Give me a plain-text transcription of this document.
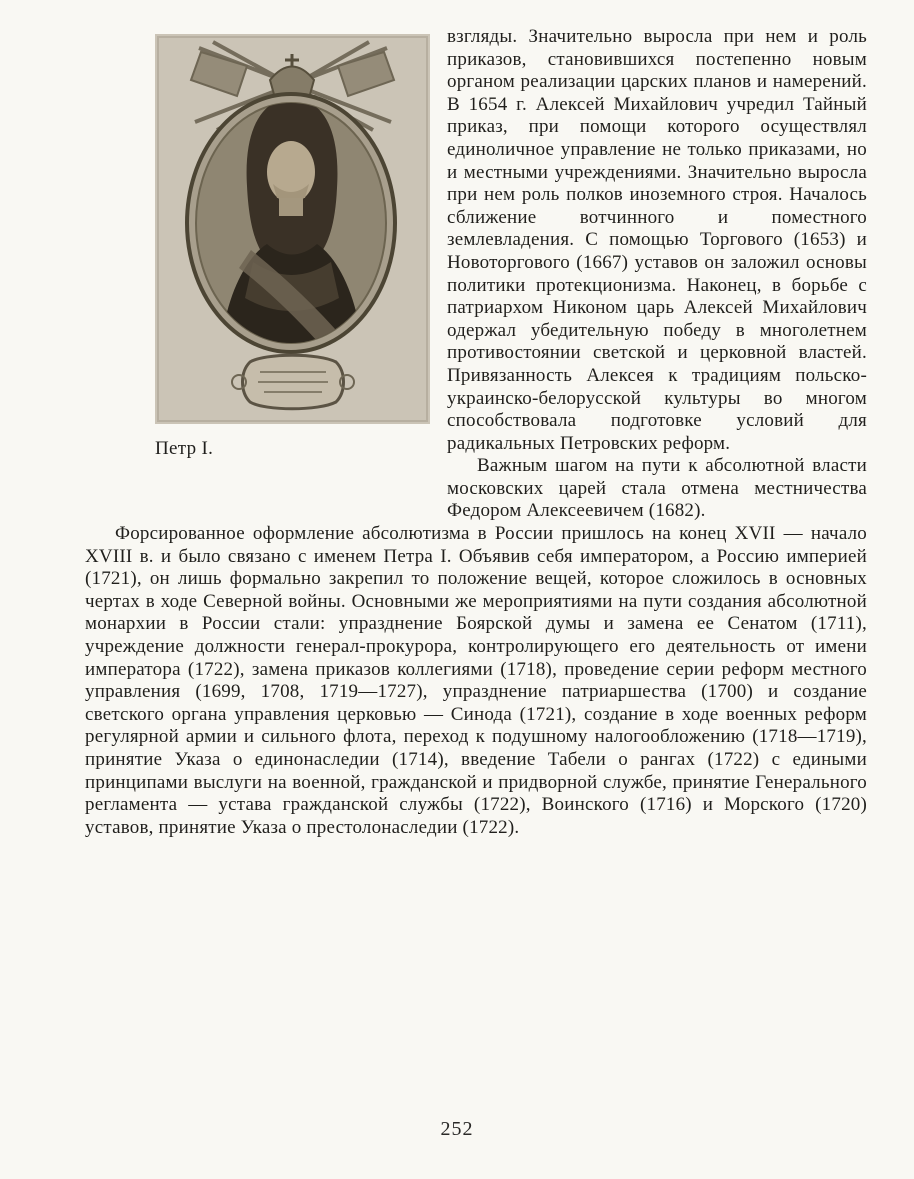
Петр I.

взгляды. Значительно выросла при нем и роль приказов, становившихся постепенно новым органом реализации царских планов и намерений. В 1654 г. Алексей Михайлович учредил Тайный приказ, при помощи которого осуществлял единоличное управление не только приказами, но и местными учреждениями. Значительно выросла при нем роль полков иноземного строя. Началось сближение вотчинного и поместного землевладения. С помощью Торгового (1653) и Новоторгового (1667) уставов он заложил основы политики протекционизма. Наконец, в борьбе с патриархом Никоном царь Алексей Михайлович одержал убедительную победу в многолетнем противостоянии светской и церковной властей. Привязанность Алексея к традициям польско-украинско-белорусской культуры во многом способствовала подготовке условий для радикальных Петровских реформ.

Важным шагом на пути к абсолютной власти московских царей стала отмена местничества Федором Алексеевичем (1682).

Форсированное оформление абсолютизма в России пришлось на конец XVII — начало XVIII в. и было связано с именем Петра I. Объявив себя императором, а Россию империей (1721), он лишь формально закрепил то положение вещей, которое сложилось в основных чертах в ходе Северной войны. Основными же мероприятиями на пути создания абсолютной монархии в России стали: упразднение Боярской думы и замена ее Сенатом (1711), учреждение должности генерал-прокурора, контролирующего его деятельность от имени императора (1722), замена приказов коллегиями (1718), проведение серии реформ местного управления (1699, 1708, 1719—1727), упразднение патриаршества (1700) и создание светского органа управления церковью — Синода (1721), создание в ходе военных реформ регулярной армии и сильного флота, переход к подушному налогообложению (1718—1719), принятие Указа о единонаследии (1714), введение Табели о рангах (1722) с едиными принципами выслуги на военной, гражданской и придворной службе, принятие Генерального регламента — устава гражданской службы (1722), Воинского (1716) и Морского (1720) уставов, принятие Указа о престолонаследии (1722).

252
